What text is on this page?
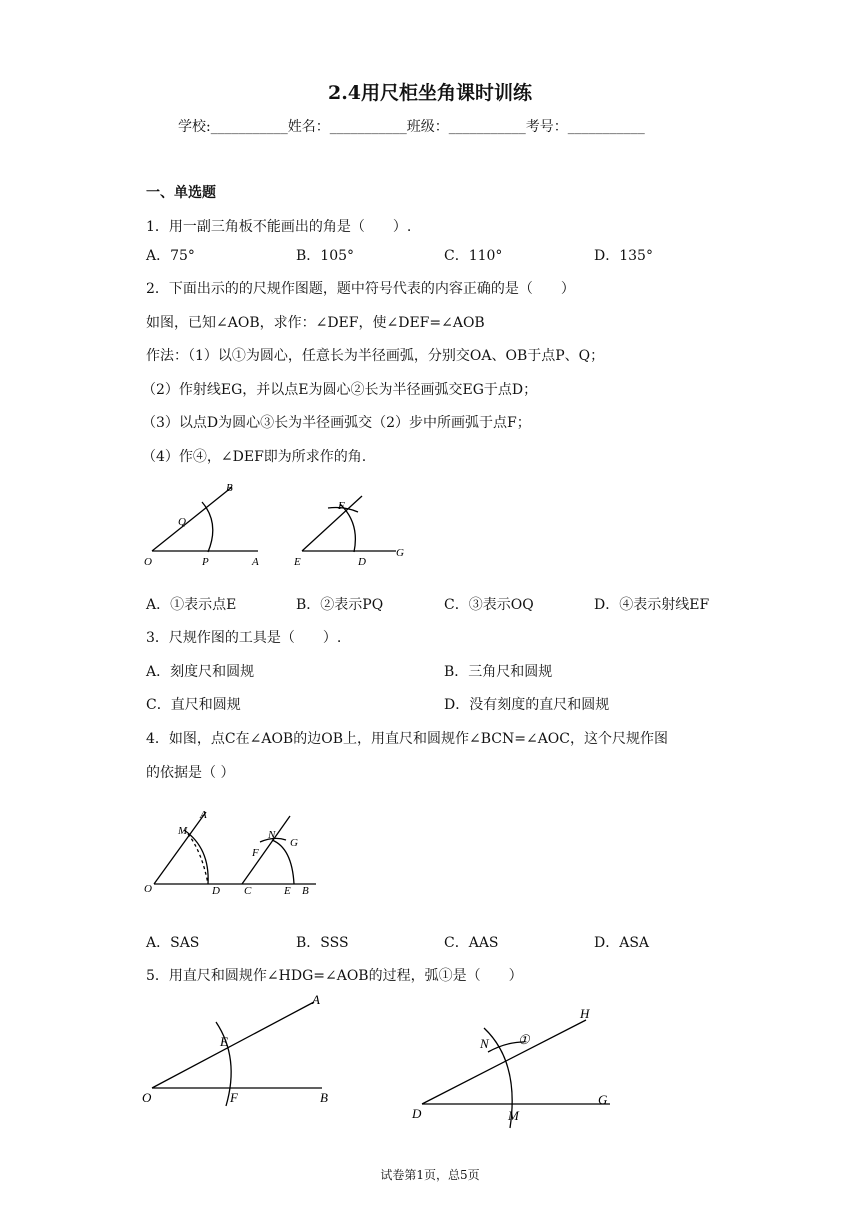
2.4用尺柜坐角课时训练
学校:___________姓名：___________班级：___________考号：___________
一、单选题
1．用一副三角板不能画出的角是（　　）.
A．75°	B．105°	C．110°	D．135°
2．下面出示的的尺规作图题，题中符号代表的内容正确的是（　　）
如图，已知∠AOB，求作：∠DEF，使∠DEF=∠AOB
作法：（1）以①为圆心，任意长为半径画弧，分别交OA、OB于点P、Q；
（2）作射线EG，并以点E为圆心②长为半径画弧交EG于点D；
（3）以点D为圆心③长为半径画弧交（2）步中所画弧于点F；
（4）作④，∠DEF即为所求作的角.
B
Q
O	P	A
F
E	D
G
A．①表示点E	B．②表示PQ	C．③表示OQ	D．④表示射线EF
3．尺规作图的工具是（　　）.
A．刻度尺和圆规	B．三角尺和圆规
C．直尺和圆规	D．没有刻度的直尺和圆规
4．如图，点C在∠AOB的边OB上，用直尺和圆规作∠BCN=∠AOC，这个尺规作图
的依据是（ ）
A
M
O	D
N
G
F
C	E B
A．SAS	B．SSS	C．AAS	D．ASA
5．用直尺和圆规作∠HDG=∠AOB的过程，弧①是（　　）
A
E
O	F	B
H
N ①
D	M
G
试卷第1页，总5页
